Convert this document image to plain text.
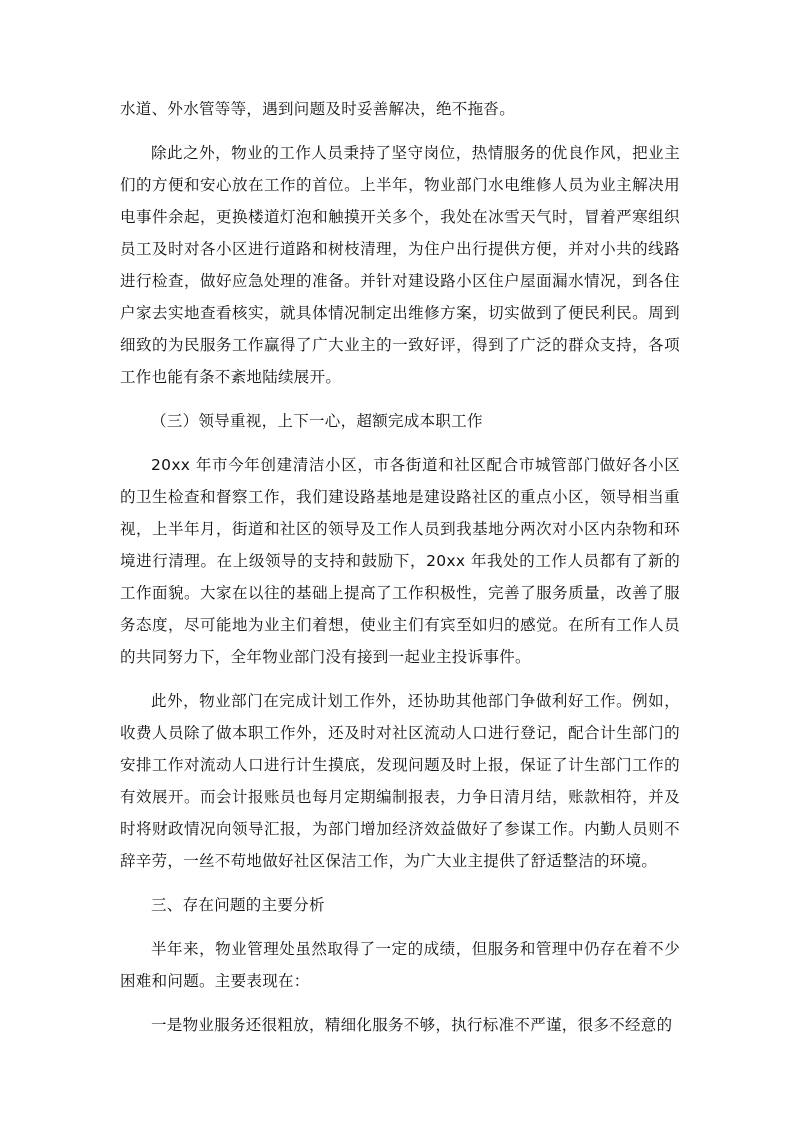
水道、外水管等等，遇到问题及时妥善解决，绝不拖沓。

除此之外，物业的工作人员秉持了坚守岗位，热情服务的优良作风，把业主们的方便和安心放在工作的首位。上半年，物业部门水电维修人员为业主解决用电事件余起，更换楼道灯泡和触摸开关多个，我处在冰雪天气时，冒着严寒组织员工及时对各小区进行道路和树枝清理，为住户出行提供方便，并对小共的线路进行检查，做好应急处理的准备。并针对建设路小区住户屋面漏水情况，到各住户家去实地查看核实，就具体情况制定出维修方案，切实做到了便民利民。周到细致的为民服务工作赢得了广大业主的一致好评，得到了广泛的群众支持，各项工作也能有条不紊地陆续展开。

（三）领导重视，上下一心，超额完成本职工作

20xx 年市今年创建清洁小区，市各街道和社区配合市城管部门做好各小区的卫生检查和督察工作，我们建设路基地是建设路社区的重点小区，领导相当重视，上半年月，街道和社区的领导及工作人员到我基地分两次对小区内杂物和环境进行清理。在上级领导的支持和鼓励下，20xx 年我处的工作人员都有了新的工作面貌。大家在以往的基础上提高了工作积极性，完善了服务质量，改善了服务态度，尽可能地为业主们着想，使业主们有宾至如归的感觉。在所有工作人员的共同努力下，全年物业部门没有接到一起业主投诉事件。

此外，物业部门在完成计划工作外，还协助其他部门争做利好工作。例如，收费人员除了做本职工作外，还及时对社区流动人口进行登记，配合计生部门的安排工作对流动人口进行计生摸底，发现问题及时上报，保证了计生部门工作的有效展开。而会计报账员也每月定期编制报表，力争日清月结，账款相符，并及时将财政情况向领导汇报，为部门增加经济效益做好了参谋工作。内勤人员则不辞辛劳，一丝不苟地做好社区保洁工作，为广大业主提供了舒适整洁的环境。

三、存在问题的主要分析

半年来，物业管理处虽然取得了一定的成绩，但服务和管理中仍存在着不少困难和问题。主要表现在：

一是物业服务还很粗放，精细化服务不够，执行标准不严谨，很多不经意的
